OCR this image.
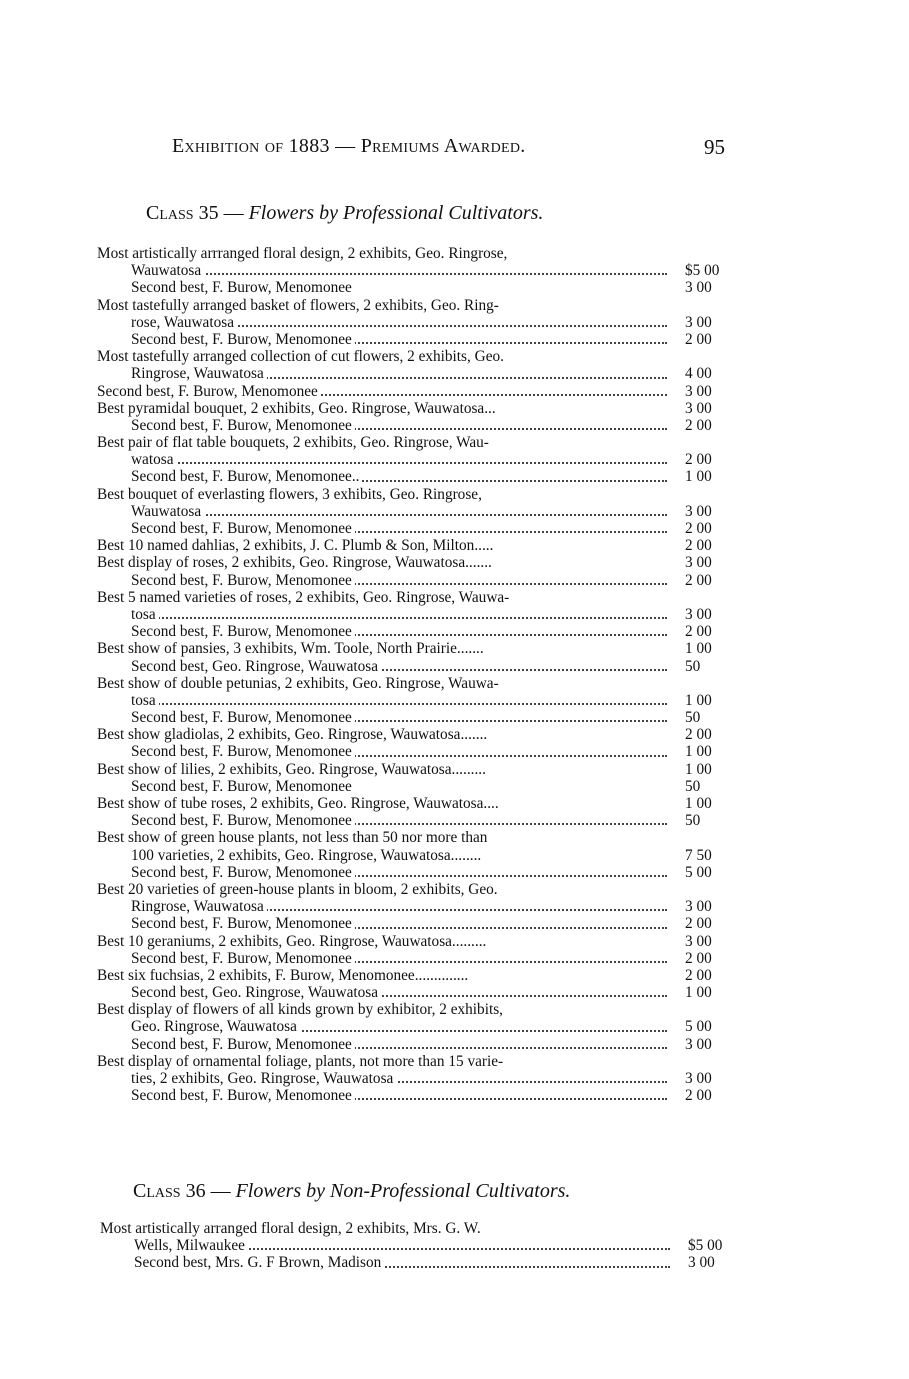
Exhibition of 1883 — Premiums Awarded.	95
Class 35 — Flowers by Professional Cultivators.
Most artistically arrranged floral design, 2 exhibits, Geo. Ringrose,
Wauwatosa	$5 00
Second best, F. Burow, Menomonee	3 00
Most tastefully arranged basket of flowers, 2 exhibits, Geo. Ring-
rose, Wauwatosa	3 00
Second best, F. Burow, Menomonee	2 00
Most tastefully arranged collection of cut flowers, 2 exhibits, Geo.
Ringrose, Wauwatosa	4 00
Second best, F. Burow, Menomonee	3 00
Best pyramidal bouquet, 2 exhibits, Geo. Ringrose, Wauwatosa...	3 00
Second best, F. Burow, Menomonee	2 00
Best pair of flat table bouquets, 2 exhibits, Geo. Ringrose, Wau-
watosa	2 00
Second best, F. Burow, Menomonee..	1 00
Best bouquet of everlasting flowers, 3 exhibits, Geo. Ringrose,
Wauwatosa	3 00
Second best, F. Burow, Menomonee	2 00
Best 10 named dahlias, 2 exhibits, J. C. Plumb & Son, Milton.....	2 00
Best display of roses, 2 exhibits, Geo. Ringrose, Wauwatosa.......	3 00
Second best, F. Burow, Menomonee	2 00
Best 5 named varieties of roses, 2 exhibits, Geo. Ringrose, Wauwa-
tosa	3 00
Second best, F. Burow, Menomonee	2 00
Best show of pansies, 3 exhibits, Wm. Toole, North Prairie.......	1 00
Second best, Geo. Ringrose, Wauwatosa	50
Best show of double petunias, 2 exhibits, Geo. Ringrose, Wauwa-
tosa	1 00
Second best, F. Burow, Menomonee	50
Best show gladiolas, 2 exhibits, Geo. Ringrose, Wauwatosa.......	2 00
Second best, F. Burow, Menomonee	1 00
Best show of lilies, 2 exhibits, Geo. Ringrose, Wauwatosa.........	1 00
Second best, F. Burow, Menomonee	50
Best show of tube roses, 2 exhibits, Geo. Ringrose, Wauwatosa....	1 00
Second best, F. Burow, Menomonee	50
Best show of green house plants, not less than 50 nor more than
100 varieties, 2 exhibits, Geo. Ringrose, Wauwatosa........	7 50
Second best, F. Burow, Menomonee	5 00
Best 20 varieties of green-house plants in bloom, 2 exhibits, Geo.
Ringrose, Wauwatosa	3 00
Second best, F. Burow, Menomonee	2 00
Best 10 geraniums, 2 exhibits, Geo. Ringrose, Wauwatosa.........	3 00
Second best, F. Burow, Menomonee	2 00
Best six fuchsias, 2 exhibits, F. Burow, Menomonee..............	2 00
Second best, Geo. Ringrose, Wauwatosa	1 00
Best display of flowers of all kinds grown by exhibitor, 2 exhibits,
Geo. Ringrose, Wauwatosa	5 00
Second best, F. Burow, Menomonee	3 00
Best display of ornamental foliage, plants, not more than 15 varie-
ties, 2 exhibits, Geo. Ringrose, Wauwatosa	3 00
Second best, F. Burow, Menomonee	2 00
Class 36 — Flowers by Non-Professional Cultivators.
Most artistically arranged floral design, 2 exhibits, Mrs. G. W.
Wells, Milwaukee	$5 00
Second best, Mrs. G. F Brown, Madison	3 00
